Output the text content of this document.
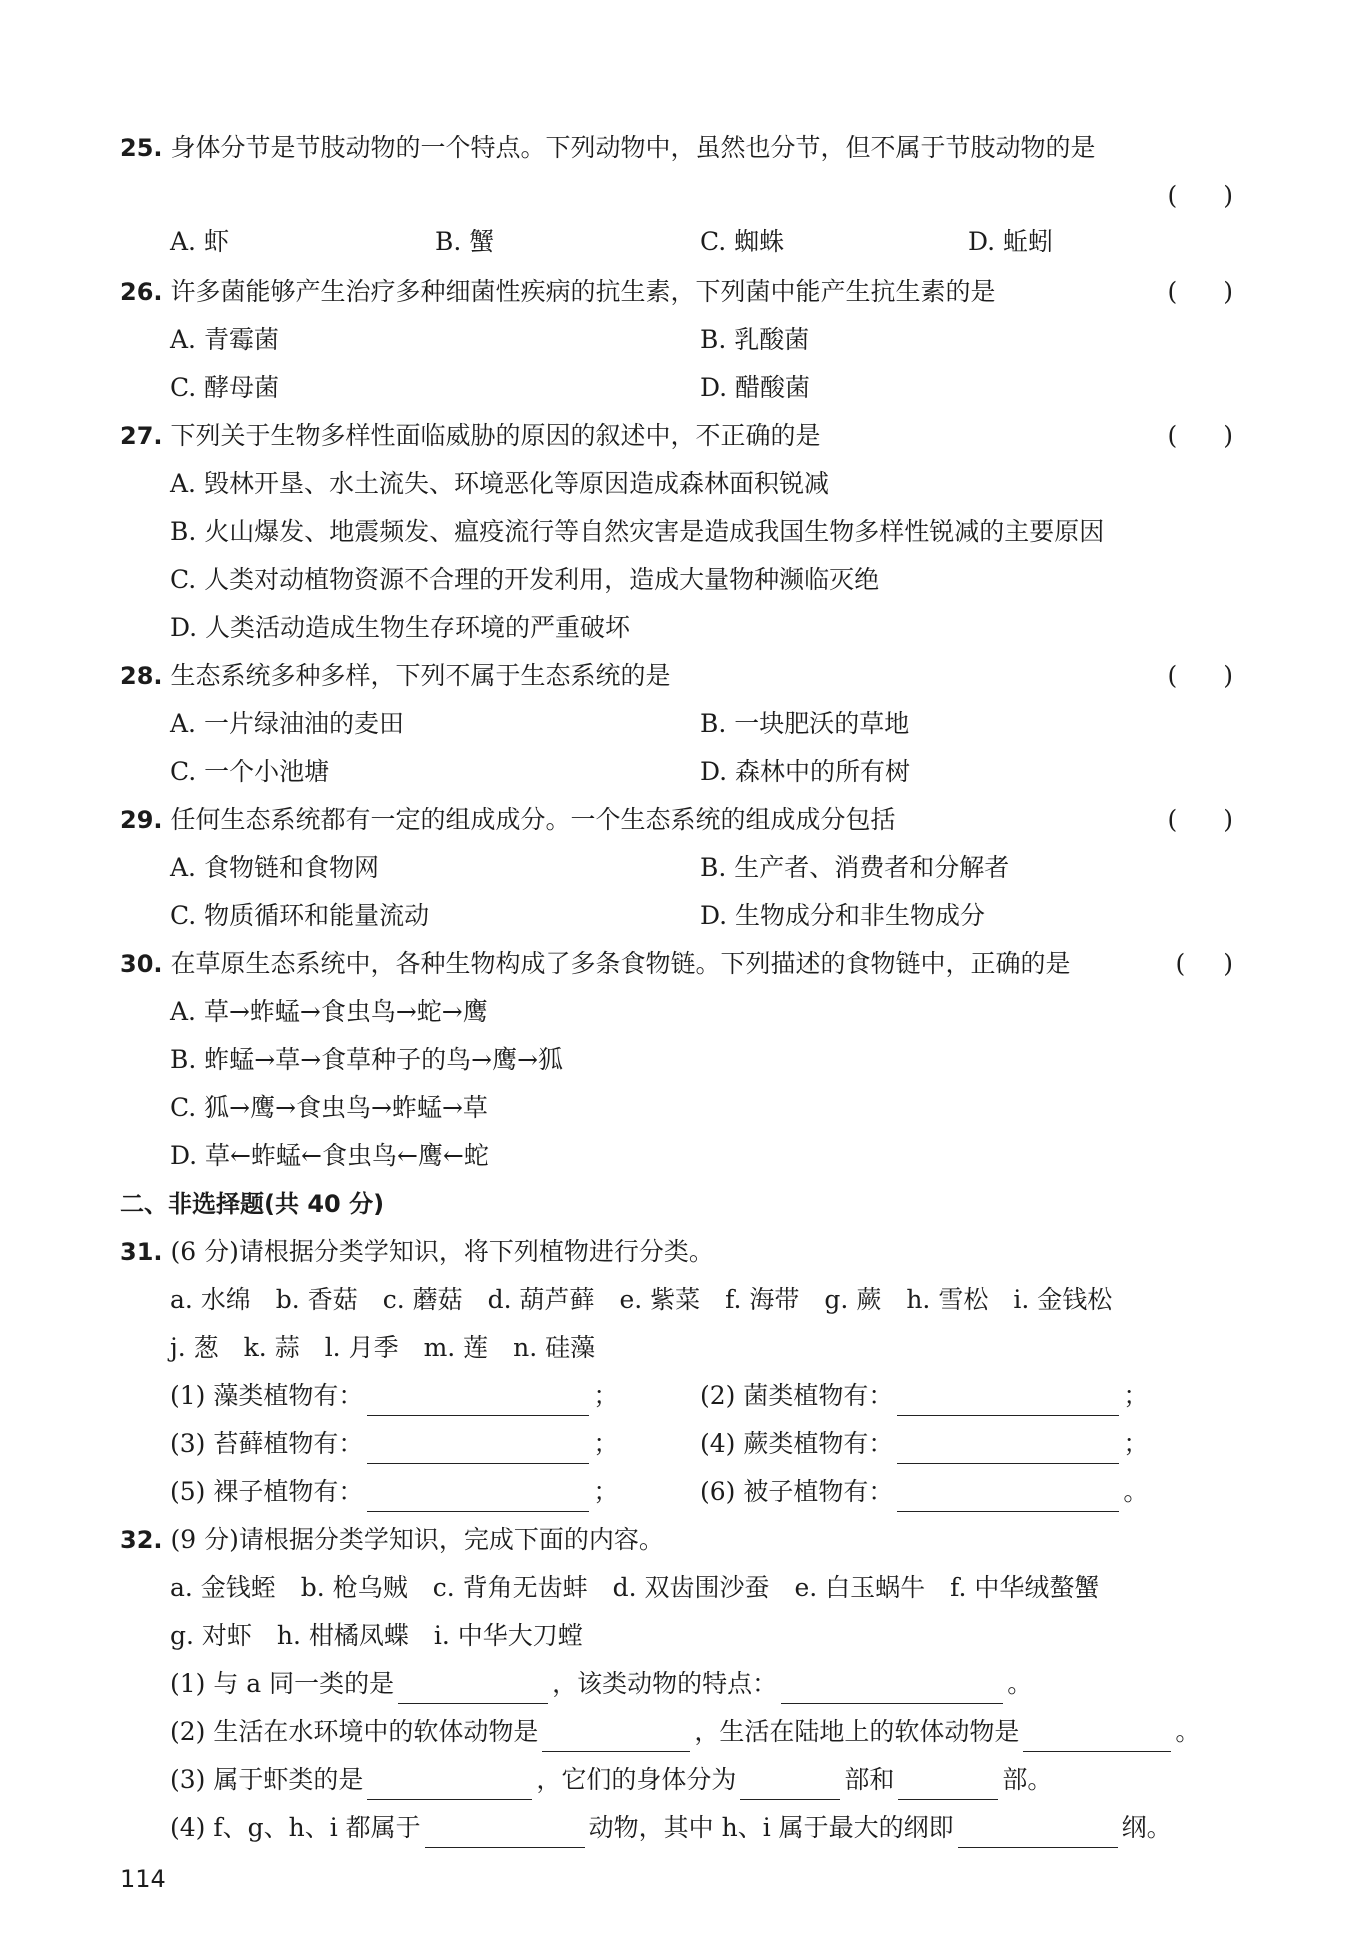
25. 身体分节是节肢动物的一个特点。下列动物中，虽然也分节，但不属于节肢动物的是
( )
A. 虾	B. 蟹	C. 蜘蛛	D. 蚯蚓
26. 许多菌能够产生治疗多种细菌性疾病的抗生素，下列菌中能产生抗生素的是	( )
A. 青霉菌	B. 乳酸菌
C. 酵母菌	D. 醋酸菌
27. 下列关于生物多样性面临威胁的原因的叙述中，不正确的是	( )
A. 毁林开垦、水土流失、环境恶化等原因造成森林面积锐减
B. 火山爆发、地震频发、瘟疫流行等自然灾害是造成我国生物多样性锐减的主要原因
C. 人类对动植物资源不合理的开发利用，造成大量物种濒临灭绝
D. 人类活动造成生物生存环境的严重破坏
28. 生态系统多种多样，下列不属于生态系统的是	( )
A. 一片绿油油的麦田	B. 一块肥沃的草地
C. 一个小池塘	D. 森林中的所有树
29. 任何生态系统都有一定的组成成分。一个生态系统的组成成分包括	( )
A. 食物链和食物网	B. 生产者、消费者和分解者
C. 物质循环和能量流动	D. 生物成分和非生物成分
30. 在草原生态系统中，各种生物构成了多条食物链。下列描述的食物链中，正确的是	( )
A. 草→蚱蜢→食虫鸟→蛇→鹰
B. 蚱蜢→草→食草种子的鸟→鹰→狐
C. 狐→鹰→食虫鸟→蚱蜢→草
D. 草←蚱蜢←食虫鸟←鹰←蛇
二、非选择题(共 40 分)
31. (6 分)请根据分类学知识，将下列植物进行分类。
a. 水绵　b. 香菇　c. 蘑菇　d. 葫芦藓　e. 紫菜　f. 海带　g. 蕨　h. 雪松　i. 金钱松
j. 葱　k. 蒜　l. 月季　m. 莲　n. 硅藻
(1) 藻类植物有：	；	(2) 菌类植物有：	；
(3) 苔藓植物有：	；	(4) 蕨类植物有：	；
(5) 裸子植物有：	；	(6) 被子植物有：	。
32. (9 分)请根据分类学知识，完成下面的内容。
a. 金钱蛭　b. 枪乌贼　c. 背角无齿蚌　d. 双齿围沙蚕　e. 白玉蜗牛　f. 中华绒螯蟹
g. 对虾　h. 柑橘凤蝶　i. 中华大刀螳
(1) 与 a 同一类的是	，该类动物的特点：	。
(2) 生活在水环境中的软体动物是	，生活在陆地上的软体动物是	。
(3) 属于虾类的是	，它们的身体分为	部和	部。
(4) f、g、h、i 都属于	动物，其中 h、i 属于最大的纲即	纲。
114
